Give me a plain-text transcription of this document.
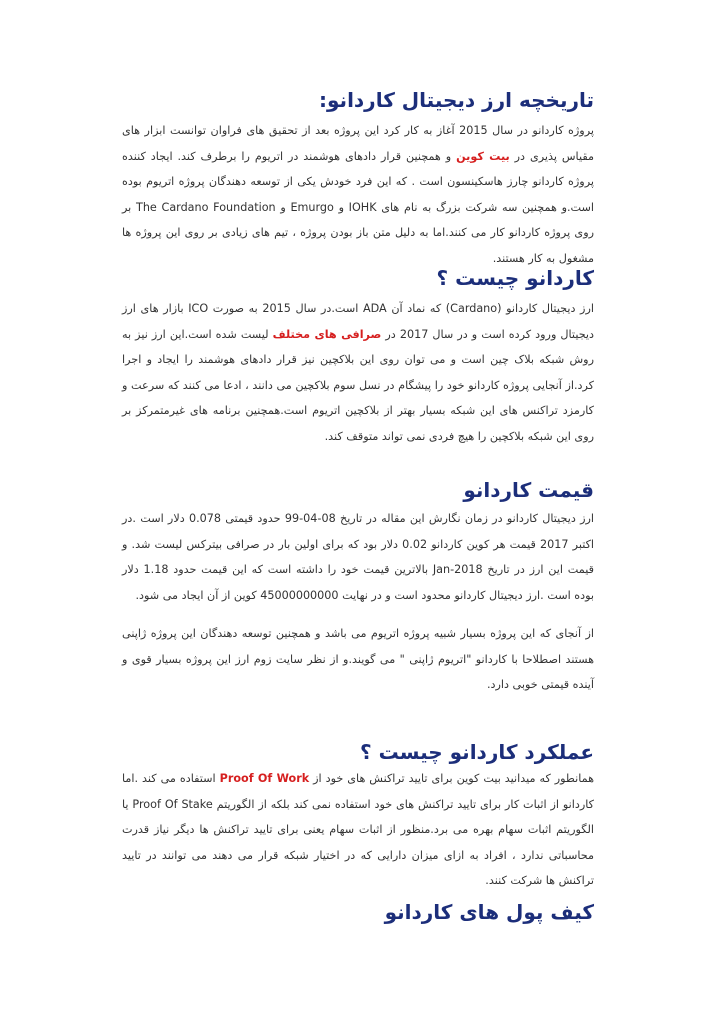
تاریخچه ارز دیجیتال کاردانو:
پروژه کاردانو در سال 2015 آغاز به کار کرد این پروژه بعد از تحقیق های فراوان توانست ابزار های مقیاس پذیری در بیت کوین و همچنین قرار دادهای هوشمند در اتریوم را برطرف کند. ایجاد کننده پروژه کاردانو چارز هاسکینسون است . که این فرد خودش یکی از توسعه دهندگان پروژه اتریوم بوده است.و همچنین سه شرکت بزرگ به نام های IOHK و Emurgo و The Cardano Foundation بر روی پروژه کاردانو کار می کنند.اما به دلیل متن باز بودن پروژه ، تیم های زیادی بر روی این پروژه ها مشغول به کار هستند.
کاردانو چیست ؟
ارز دیجیتال کاردانو (Cardano) که نماد آن ADA است.در سال 2015 به صورت ICO بازار های ارز دیجیتال ورود کرده است و در سال 2017 در صرافی های مختلف لیست شده است.این ارز نیز به روش شبکه بلاک چین است و می توان روی این بلاکچین نیز قرار دادهای هوشمند را ایجاد و اجرا کرد.از آنجایی پروژه کاردانو خود را پیشگام در نسل سوم بلاکچین می دانند ، ادعا می کنند که سرعت و کارمزد تراکنس های این شبکه بسیار بهتر از بلاکچین اتریوم است.همچنین برنامه های غیرمتمرکز بر روی این شبکه بلاکچین را هیچ فردی نمی تواند متوقف کند.
قیمت کاردانو
ارز دیجیتال کاردانو در زمان نگارش این مقاله در تاریخ 08-04-99 حدود قیمتی 0.078 دلار است .در اکتبر 2017 قیمت هر کوین کاردانو 0.02 دلار بود که برای اولین بار در صرافی بیترکس لیست شد. و قیمت این ارز در تاریخ Jan-2018 بالاترین قیمت خود را داشته است که این قیمت حدود 1.18 دلار بوده است .ارز دیجیتال کاردانو محدود است و در نهایت 45000000000 کوین از آن ایجاد می شود.
از آنجای که این پروژه بسیار شبیه پروژه اتریوم می باشد و همچنین توسعه دهندگان این پروژه ژاپنی هستند اصطلاحا با کاردانو "اتریوم ژاپنی " می گویند.و از نظر سایت زوم ارز این پروژه بسیار قوی و آینده قیمتی خوبی دارد.
عملکرد کاردانو چیست ؟
همانطور که میدانید بیت کوین برای تایید تراکنش های خود از Proof Of Work استفاده می کند .اما کاردانو از اثبات کار برای تایید تراکنش های خود استفاده نمی کند بلکه از الگوریتم Proof Of Stake یا الگوریتم اثبات سهام بهره می برد.منظور از اثبات سهام یعنی برای تایید تراکنش ها دیگر نیاز قدرت محاسباتی ندارد ، افراد به ازای میزان دارایی که در اختیار شبکه قرار می دهند می توانند در تایید تراکنش ها شرکت کنند.
کیف پول های کاردانو
